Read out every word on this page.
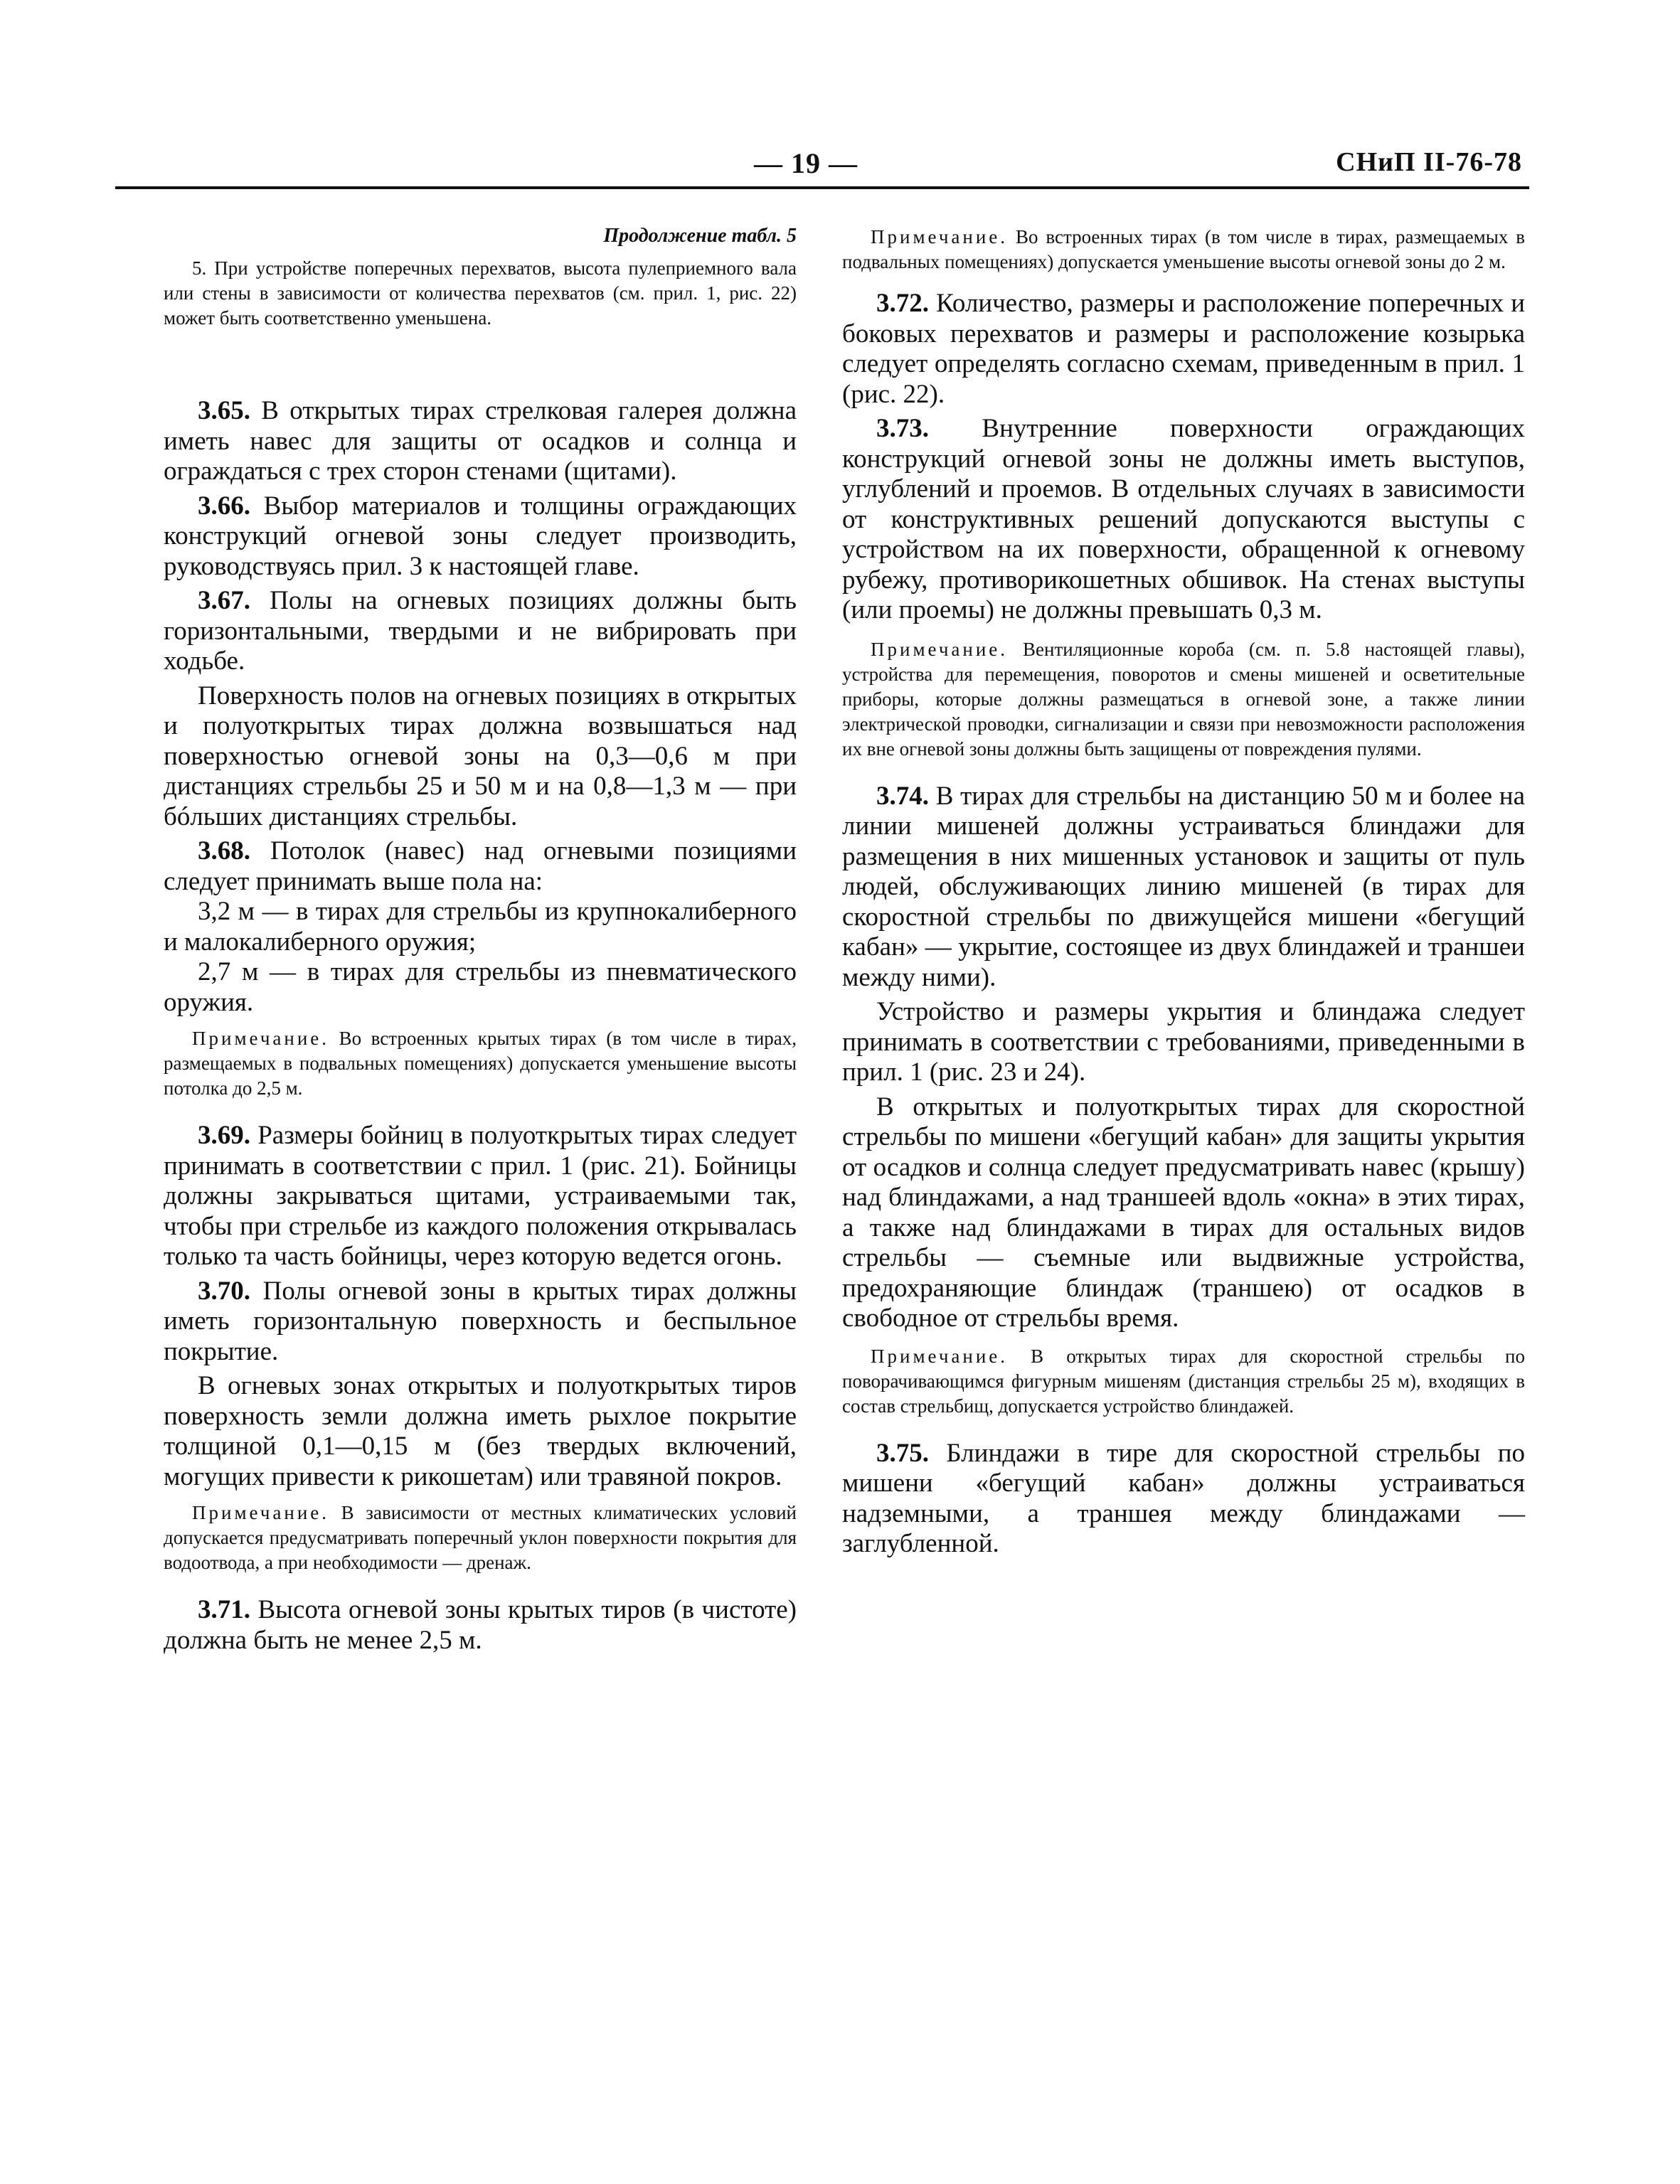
— 19 —	СНиП II-76-78

Продолжение табл. 5

5. При устройстве поперечных перехватов, высота пулеприемного вала или стены в зависимости от количества перехватов (см. прил. 1, рис. 22) может быть соответственно уменьшена.

3.65. В открытых тирах стрелковая галерея должна иметь навес для защиты от осадков и солнца и ограждаться с трех сторон стенами (щитами).

3.66. Выбор материалов и толщины ограждающих конструкций огневой зоны следует производить, руководствуясь прил. 3 к настоящей главе.

3.67. Полы на огневых позициях должны быть горизонтальными, твердыми и не вибрировать при ходьбе.

Поверхность полов на огневых позициях в открытых и полуоткрытых тирах должна возвышаться над поверхностью огневой зоны на 0,3—0,6 м при дистанциях стрельбы 25 и 50 м и на 0,8—1,3 м — при бóльших дистанциях стрельбы.

3.68. Потолок (навес) над огневыми позициями следует принимать выше пола на:

3,2 м — в тирах для стрельбы из крупнокалиберного и малокалиберного оружия;

2,7 м — в тирах для стрельбы из пневматического оружия.

Примечание. Во встроенных крытых тирах (в том числе в тирах, размещаемых в подвальных помещениях) допускается уменьшение высоты потолка до 2,5 м.

3.69. Размеры бойниц в полуоткрытых тирах следует принимать в соответствии с прил. 1 (рис. 21). Бойницы должны закрываться щитами, устраиваемыми так, чтобы при стрельбе из каждого положения открывалась только та часть бойницы, через которую ведется огонь.

3.70. Полы огневой зоны в крытых тирах должны иметь горизонтальную поверхность и беспыльное покрытие.

В огневых зонах открытых и полуоткрытых тиров поверхность земли должна иметь рыхлое покрытие толщиной 0,1—0,15 м (без твердых включений, могущих привести к рикошетам) или травяной покров.

Примечание. В зависимости от местных климатических условий допускается предусматривать поперечный уклон поверхности покрытия для водоотвода, а при необходимости — дренаж.

3.71. Высота огневой зоны крытых тиров (в чистоте) должна быть не менее 2,5 м.

Примечание. Во встроенных тирах (в том числе в тирах, размещаемых в подвальных помещениях) допускается уменьшение высоты огневой зоны до 2 м.

3.72. Количество, размеры и расположение поперечных и боковых перехватов и размеры и расположение козырька следует определять согласно схемам, приведенным в прил. 1 (рис. 22).

3.73. Внутренние поверхности ограждающих конструкций огневой зоны не должны иметь выступов, углублений и проемов. В отдельных случаях в зависимости от конструктивных решений допускаются выступы с устройством на их поверхности, обращенной к огневому рубежу, противорикошетных обшивок. На стенах выступы (или проемы) не должны превышать 0,3 м.

Примечание. Вентиляционные короба (см. п. 5.8 настоящей главы), устройства для перемещения, поворотов и смены мишеней и осветительные приборы, которые должны размещаться в огневой зоне, а также линии электрической проводки, сигнализации и связи при невозможности расположения их вне огневой зоны должны быть защищены от повреждения пулями.

3.74. В тирах для стрельбы на дистанцию 50 м и более на линии мишеней должны устраиваться блиндажи для размещения в них мишенных установок и защиты от пуль людей, обслуживающих линию мишеней (в тирах для скоростной стрельбы по движущейся мишени «бегущий кабан» — укрытие, состоящее из двух блиндажей и траншеи между ними).

Устройство и размеры укрытия и блиндажа следует принимать в соответствии с требованиями, приведенными в прил. 1 (рис. 23 и 24).

В открытых и полуоткрытых тирах для скоростной стрельбы по мишени «бегущий кабан» для защиты укрытия от осадков и солнца следует предусматривать навес (крышу) над блиндажами, а над траншеей вдоль «окна» в этих тирах, а также над блиндажами в тирах для остальных видов стрельбы — съемные или выдвижные устройства, предохраняющие блиндаж (траншею) от осадков в свободное от стрельбы время.

Примечание. В открытых тирах для скоростной стрельбы по поворачивающимся фигурным мишеням (дистанция стрельбы 25 м), входящих в состав стрельбищ, допускается устройство блиндажей.

3.75. Блиндажи в тире для скоростной стрельбы по мишени «бегущий кабан» должны устраиваться надземными, а траншея между блиндажами — заглубленной.
